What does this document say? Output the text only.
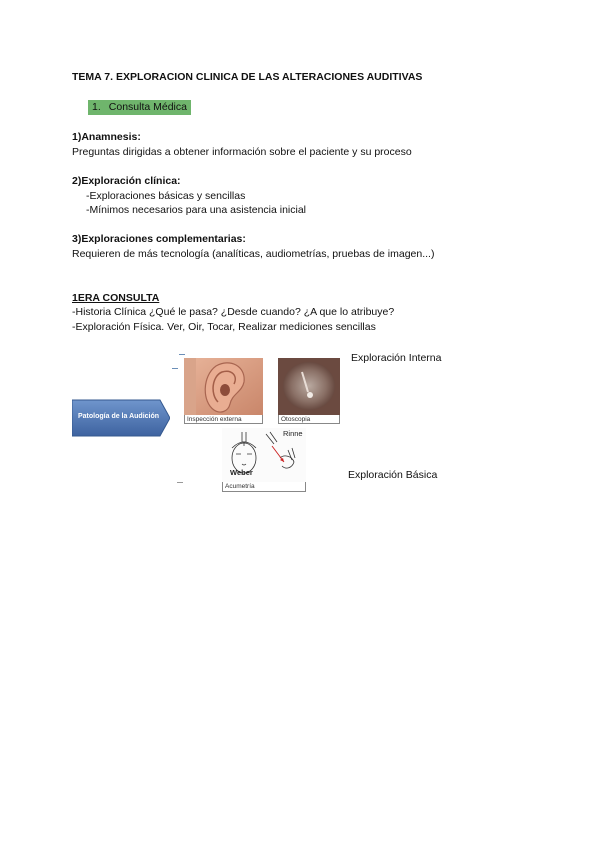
TEMA 7. EXPLORACION CLINICA DE LAS ALTERACIONES AUDITIVAS
1. Consulta Médica
1)Anamnesis:
Preguntas dirigidas a obtener información sobre el paciente y su proceso
2)Exploración clínica:
-Exploraciones básicas y sencillas
-Mínimos necesarios para una asistencia inicial
3)Exploraciones complementarias:
Requieren de más tecnología (analíticas, audiometrías, pruebas de imagen...)
1ERA CONSULTA
-Historia Clínica ¿Qué le pasa? ¿Desde cuando? ¿A que lo atribuye?
-Exploración Física. Ver, Oir, Tocar, Realizar mediciones sencillas
Patología de la Audición	Inspección externa	Otoscopia
Rinne
Weber
Acumetría
Exploración Interna
Exploración Básica
